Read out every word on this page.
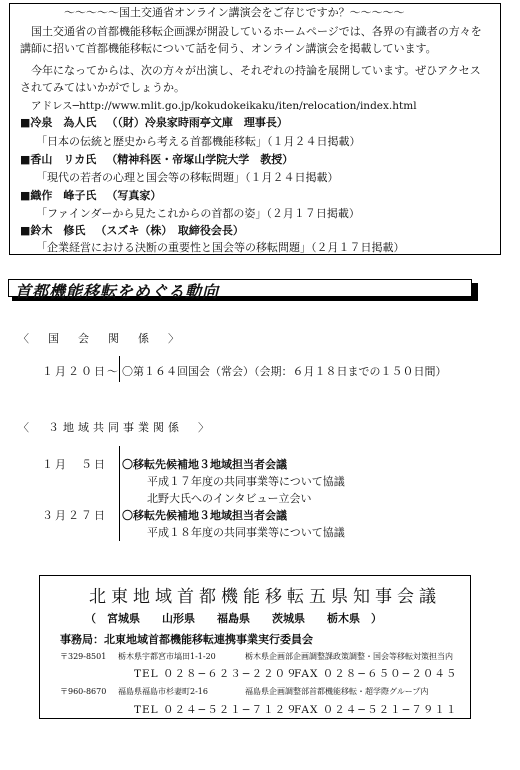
〜〜〜〜〜国土交通省オンライン講演会をご存じですか？〜〜〜〜〜
国土交通省の首都機能移転企画課が開設しているホームページでは、各界の有識者の方々を
講師に招いて首都機能移転について話を伺う、オンライン講演会を掲載しています。
今年になってからは、次の方々が出演し、それぞれの持論を展開しています。ぜひアクセス
されてみてはいかがでしょうか。
アドレス─http://www.mlit.go.jp/kokudokeikaku/iten/relocation/index.html
■冷泉　為人氏 （（財）冷泉家時雨亭文庫　理事長）
「日本の伝統と歴史から考える首都機能移転」（１月２４日掲載）
■香山　リカ氏 （精神科医・帝塚山学院大学　教授）
「現代の若者の心理と国会等の移転問題」（１月２４日掲載）
■織作　峰子氏 （写真家）
「ファインダーから見たこれからの首都の姿」（２月１７日掲載）
■鈴木　修氏 （スズキ（株）　取締役会長）
「企業経営における決断の重要性と国会等の移転問題」（２月１７日掲載）
首都機能移転をめぐる動向
〈　国　会　関　係　〉
１月２０日〜 〇第１６４回国会（常会）（会期：６月１８日までの１５０日間）
〈　３地域共同事業関係　〉
１月　５日 〇移転先候補地３地域担当者会議
平成１７年度の共同事業等について協議
北野大氏へのインタビュー立会い
３月２７日 〇移転先候補地３地域担当者会議
平成１８年度の共同事業等について協議
北東地域首都機能移転五県知事会議
（　宮城県　　山形県　　福島県　　茨城県　　栃木県　）
事務局：北東地域首都機能移転連携事業実行委員会
〒329-8501 栃木県宇都宮市塙田1-1-20	栃木県企画部企画調整課政策調整・国会等移転対策担当内
TEL ０２８−６２３−２２０９
FAX ０２８−６５０−２０４５
〒960-8670 福島県福島市杉妻町2-16	福島県企画調整部首都機能移転・超学際グループ内
TEL ０２４−５２１−７１２９
FAX ０２４−５２１−７９１１
